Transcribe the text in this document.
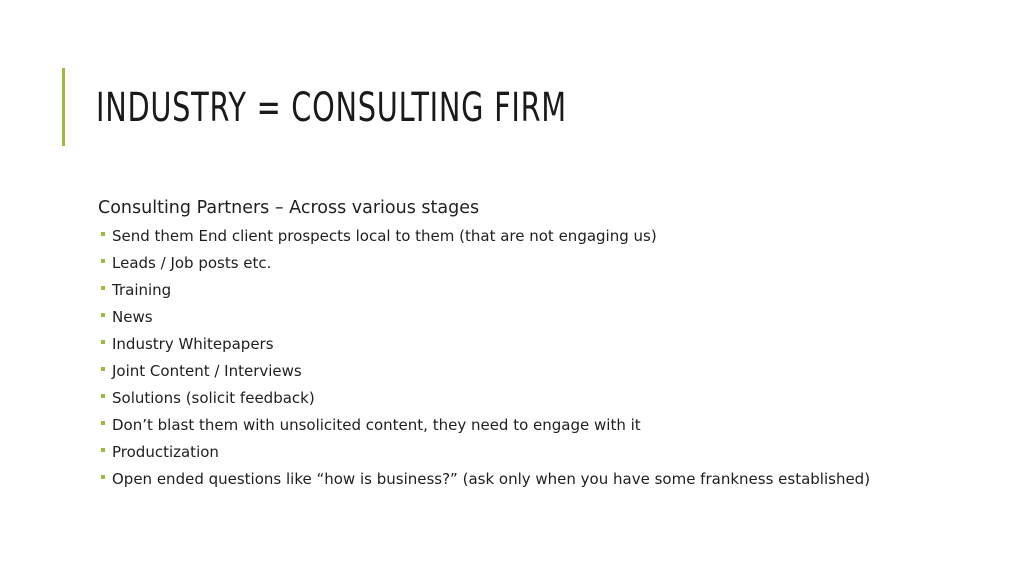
INDUSTRY = CONSULTING FIRM

Consulting Partners – Across various stages

Send them End client prospects local to them (that are not engaging us)
Leads / Job posts etc.
Training
News
Industry Whitepapers
Joint Content / Interviews
Solutions (solicit feedback)
Don’t blast them with unsolicited content, they need to engage with it
Productization
Open ended questions like “how is business?” (ask only when you have some frankness established)
